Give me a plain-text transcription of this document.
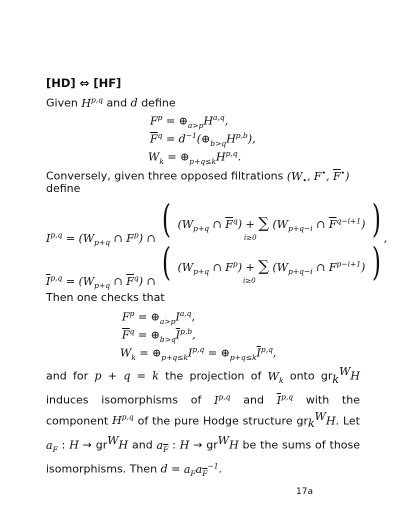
[HD] ⇔ [HF]
Given H$^{p,q}$ and d define
$F^p$ = $\oplus_{a>p}H^{a,q}$,
$\overline{F}^q$ = $d^{-1}(\oplus_{b>q}H^{p,b})$,
$W_k$ = $\oplus_{p+q\le k}H^{p,q}$.
Conversely, given three opposed filtrations ($W_•$, F•, $\overline{F}^•$)
define
$I^{p,q} = (W_{p+q}$ ∩ $F^p$) ∩ ( ($W_{p+q}$ ∩ $\overline{F}^q$) + ∑ ($W_{p+q-i}$ ∩ $\overline{F}^{q-i+1}$) ) ,
i≥0
$\overline{I}^{p,q} = (W_{p+q}$ ∩ $\overline{F}^q$) ∩ ( ($W_{p+q}$ ∩ $F^p$) + ∑ ($W_{p+q-i}$ ∩ $F^{p-i+1}$) )
i≥0
Then one checks that
$F^p$ = $\oplus_{a>p}I^{a,q}$,
$\overline{F}^q$ = $\oplus_{b>q}\overline{I}^{p,b}$,
$W_k$ = $\oplus_{p+q\le k}I^{p,q}$ = $\oplus_{p+q\le k}\overline{I}^{p,q}$,
and for p + q = k the projection of $W_k$ onto $gr_k^WH$ induces isomorphisms of I$^{p,q}$ and $\overline{I}^{p,q}$ with the component H$^{p,q}$ of the pure Hodge structure $gr_k^WH$. Let $a_F$ : $H \to gr^WH$ and $a_{\overline{F}}$ : $H \to gr^WH$ be the sums of those isomorphisms. Then $d = a_Fa_{\overline{F}}^{-1}$.
17a
